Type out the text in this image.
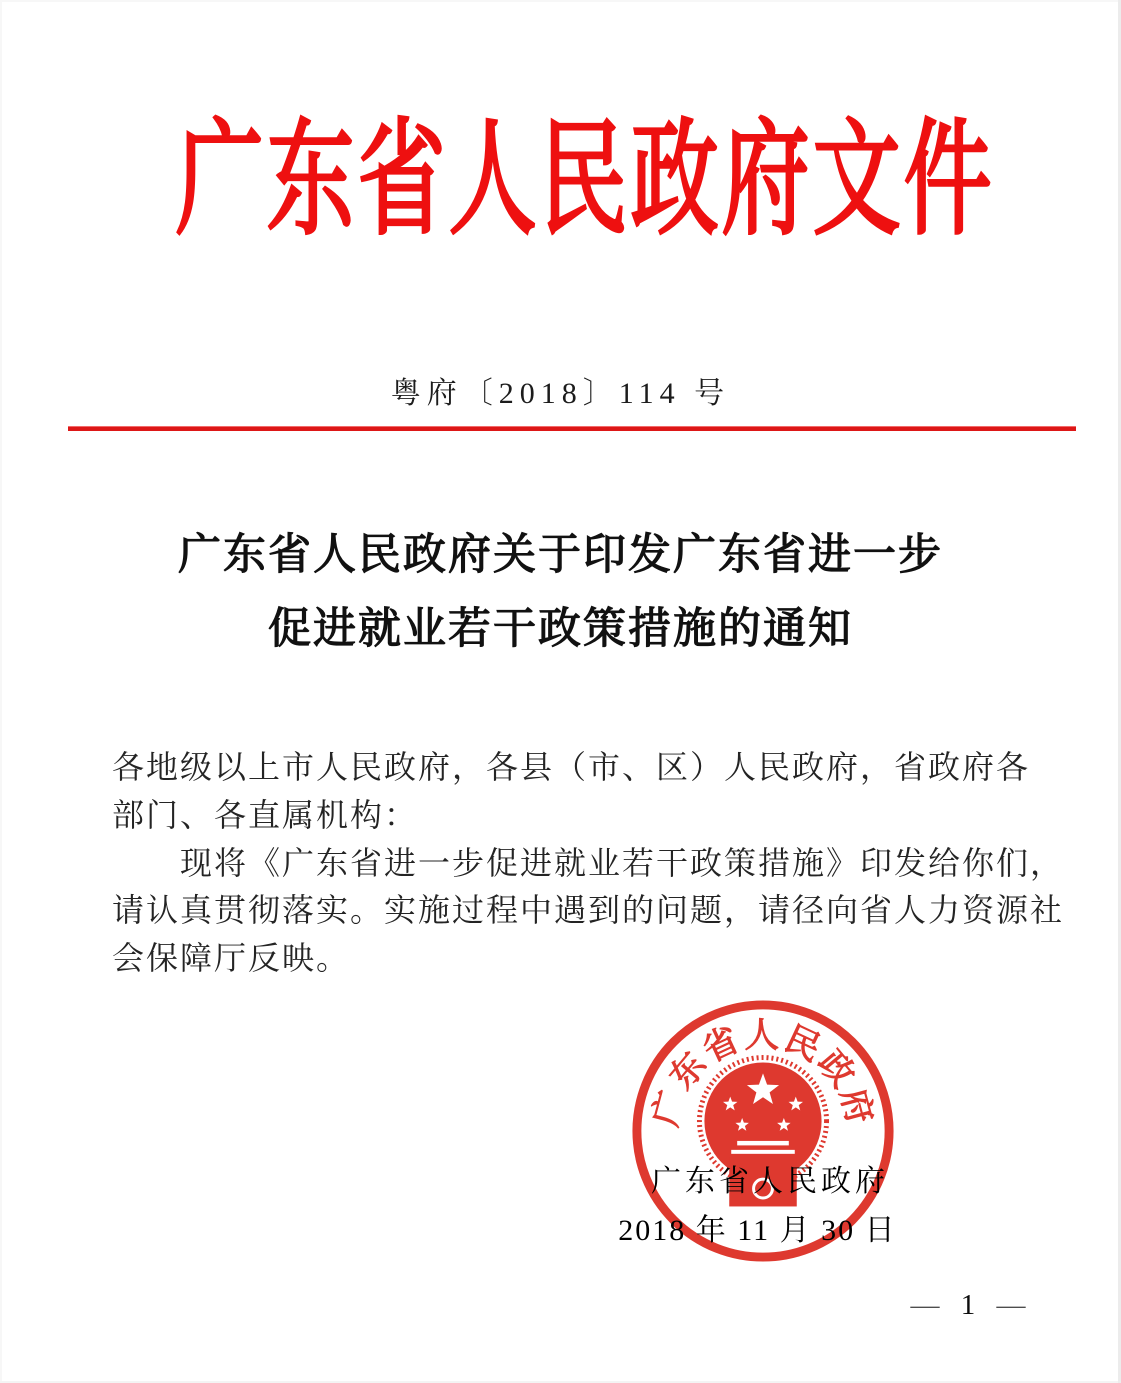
广东省人民政府文件
粤府〔2018〕114 号
广东省人民政府关于印发广东省进一步
促进就业若干政策措施的通知
各地级以上市人民政府，各县（市、区）人民政府，省政府各
部门、各直属机构：
现将《广东省进一步促进就业若干政策措施》印发给你们，
请认真贯彻落实。实施过程中遇到的问题，请径向省人力资源社
会保障厅反映。
广东省人民政府
广东省人民政府
2018 年 11 月 30 日
— 1 —
